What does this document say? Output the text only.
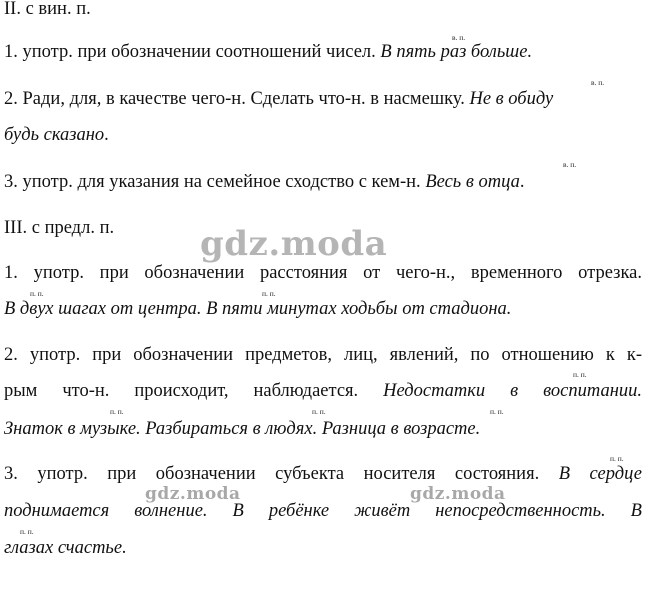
II. с вин. п.
в. п.
1. употр. при обозначении соотношений чисел. В пять раз больше.
в. п.
2. Ради, для, в качестве чего-н. Сделать что-н. в насмешку. Не в обиду
будь сказано.
в. п.
3. употр. для указания на семейное сходство с кем-н. Весь в отца.
III. с предл. п.	gdz.moda
1. употр. при обозначении расстояния от чего-н., временного отрезка.
п. п.	п. п.
В двух шагах от центра. В пяти минутах ходьбы от стадиона.
2. употр. при обозначении предметов, лиц, явлений, по отношению к к-
п. п.
рым что-н. происходит, наблюдается. Недостатки в воспитании.
п. п.	п. п.	п. п.
Знаток в музыке. Разбираться в людях. Разница в возрасте.
п. п.
3. употр. при обозначении субъекта носителя состояния. В сердце
gdz.moda	gdz.moda
поднимается волнение. В ребёнке живёт непосредственность. В
п. п.
глазах счастье.
